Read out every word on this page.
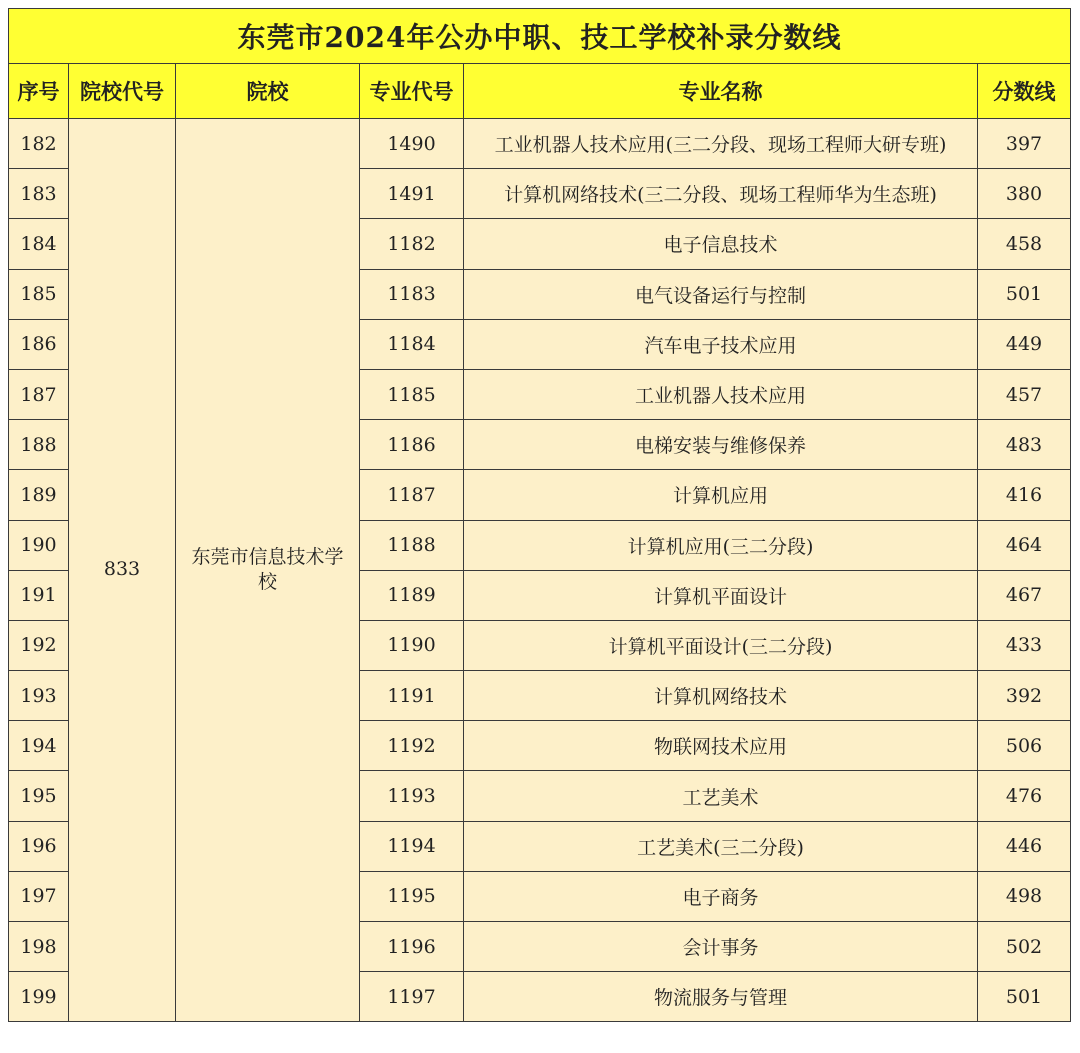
东莞市2024年公办中职、技工学校补录分数线					
序号	院校代号	院校	专业代号	专业名称	分数线
182	833	东莞市信息技术学校	1490	工业机器人技术应用(三二分段、现场工程师大研专班)	397
183			1491	计算机网络技术(三二分段、现场工程师华为生态班)	380
184			1182	电子信息技术	458
185			1183	电气设备运行与控制	501
186			1184	汽车电子技术应用	449
187			1185	工业机器人技术应用	457
188			1186	电梯安装与维修保养	483
189			1187	计算机应用	416
190			1188	计算机应用(三二分段)	464
191			1189	计算机平面设计	467
192			1190	计算机平面设计(三二分段)	433
193			1191	计算机网络技术	392
194			1192	物联网技术应用	506
195			1193	工艺美术	476
196			1194	工艺美术(三二分段)	446
197			1195	电子商务	498
198			1196	会计事务	502
199			1197	物流服务与管理	501
